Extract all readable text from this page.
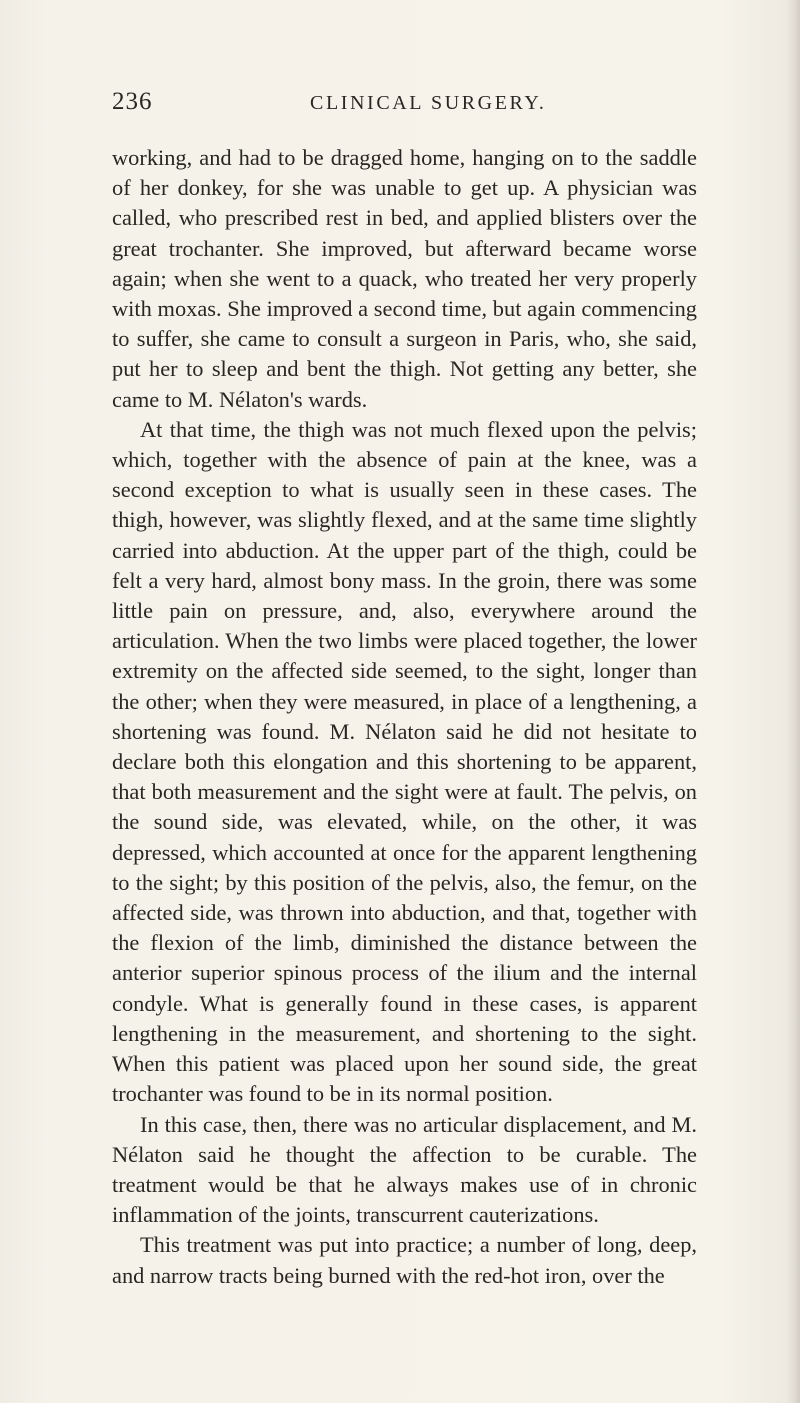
236	CLINICAL SURGERY.

working, and had to be dragged home, hanging on to the saddle of her donkey, for she was unable to get up. A physician was called, who prescribed rest in bed, and applied blisters over the great trochanter. She improved, but afterward became worse again; when she went to a quack, who treated her very properly with moxas. She improved a second time, but again commencing to suffer, she came to consult a surgeon in Paris, who, she said, put her to sleep and bent the thigh. Not getting any better, she came to M. Nélaton's wards.

At that time, the thigh was not much flexed upon the pelvis; which, together with the absence of pain at the knee, was a second exception to what is usually seen in these cases. The thigh, however, was slightly flexed, and at the same time slightly carried into abduction. At the upper part of the thigh, could be felt a very hard, almost bony mass. In the groin, there was some little pain on pressure, and, also, everywhere around the articulation. When the two limbs were placed together, the lower extremity on the affected side seemed, to the sight, longer than the other; when they were measured, in place of a lengthening, a shortening was found. M. Nélaton said he did not hesitate to declare both this elongation and this shortening to be apparent, that both measurement and the sight were at fault. The pelvis, on the sound side, was elevated, while, on the other, it was depressed, which accounted at once for the apparent lengthening to the sight; by this position of the pelvis, also, the femur, on the affected side, was thrown into abduction, and that, together with the flexion of the limb, diminished the distance between the anterior superior spinous process of the ilium and the internal condyle. What is generally found in these cases, is apparent lengthening in the measurement, and shortening to the sight. When this patient was placed upon her sound side, the great trochanter was found to be in its normal position.

In this case, then, there was no articular displacement, and M. Nélaton said he thought the affection to be curable. The treatment would be that he always makes use of in chronic inflammation of the joints, transcurrent cauterizations.

This treatment was put into practice; a number of long, deep, and narrow tracts being burned with the red-hot iron, over the
